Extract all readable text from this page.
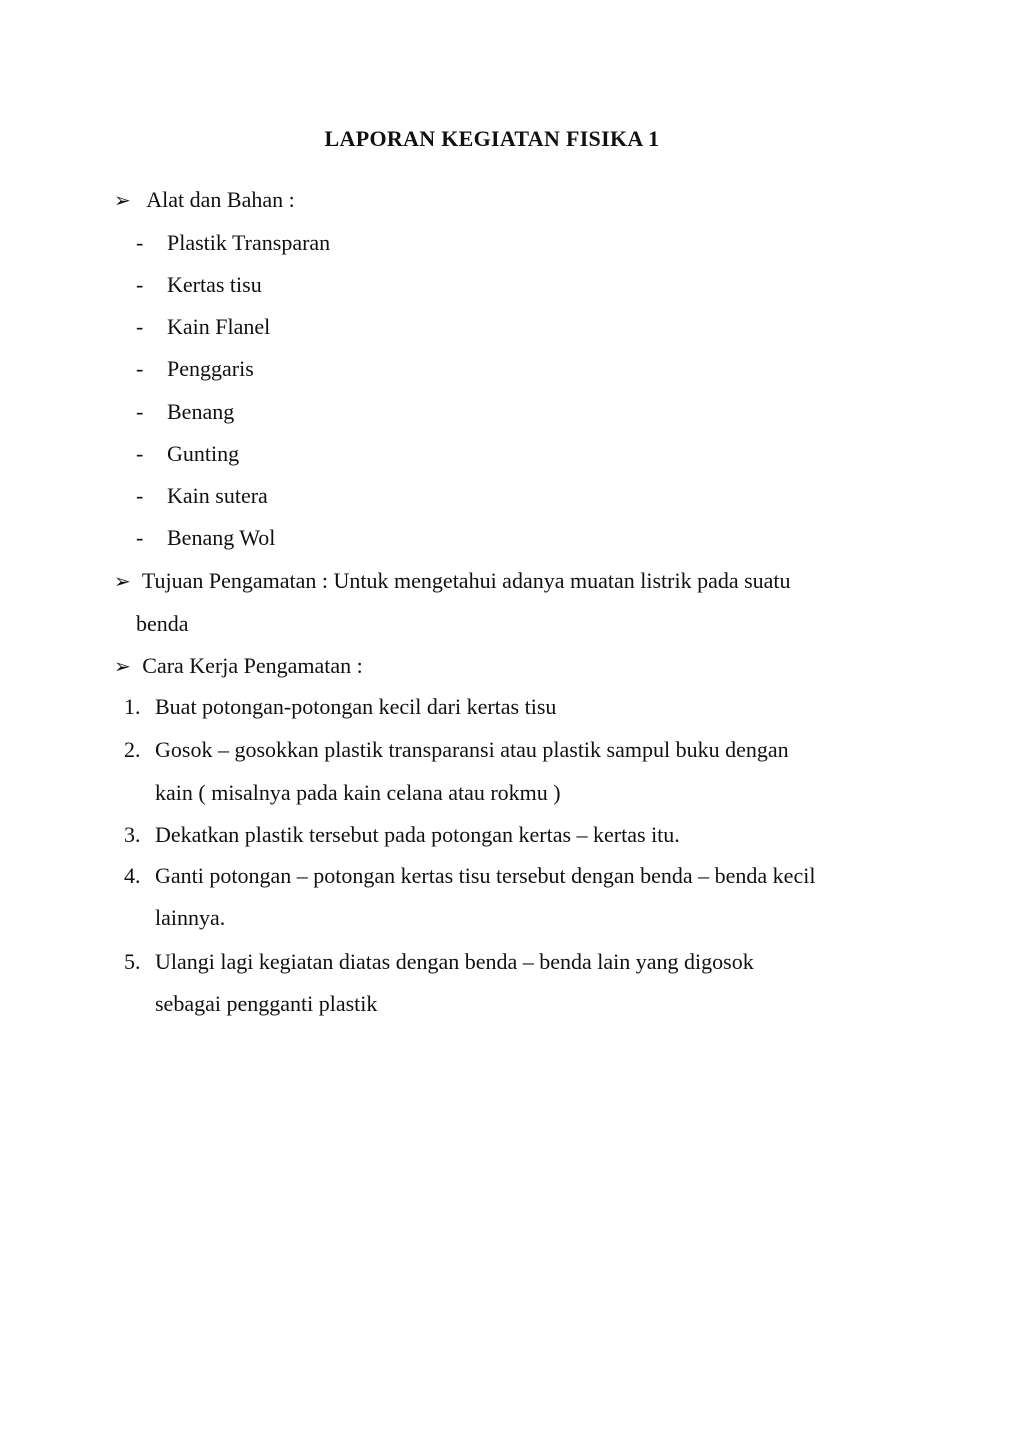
LAPORAN KEGIATAN FISIKA 1
➢ Alat dan Bahan :
- Plastik Transparan
- Kertas tisu
- Kain Flanel
- Penggaris
- Benang
- Gunting
- Kain sutera
- Benang Wol
➢ Tujuan Pengamatan : Untuk mengetahui adanya muatan listrik pada suatu
benda
➢ Cara Kerja Pengamatan :
1. Buat potongan-potongan kecil dari kertas tisu
2. Gosok – gosokkan plastik transparansi atau plastik sampul buku dengan
kain ( misalnya pada kain celana atau rokmu )
3. Dekatkan plastik tersebut pada potongan kertas – kertas itu.
4. Ganti potongan – potongan kertas tisu tersebut dengan benda – benda kecil
lainnya.
5. Ulangi lagi kegiatan diatas dengan benda – benda lain yang digosok
sebagai pengganti plastik
